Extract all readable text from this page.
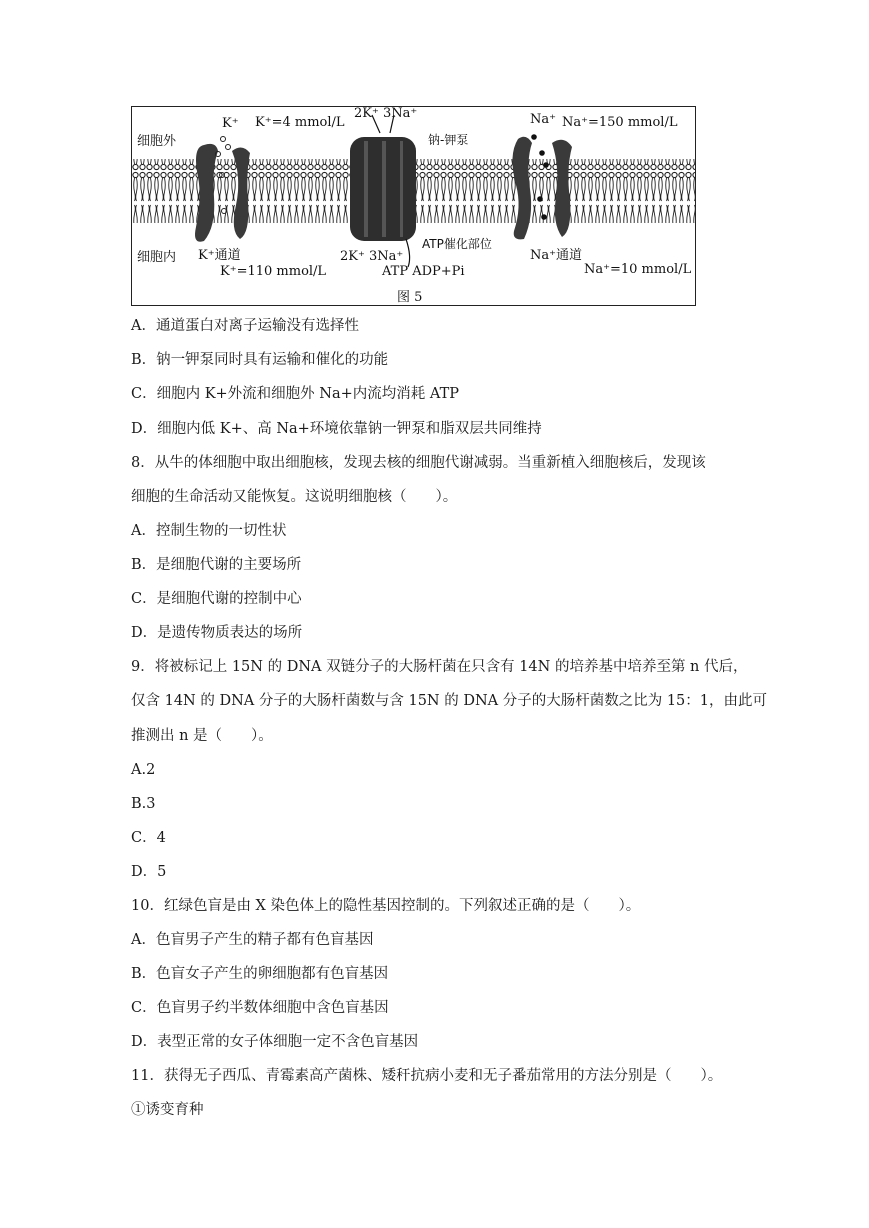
细胞外
细胞内
K⁺ K⁺=4 mmol/L
2K⁺ 3Na⁺
钠-钾泵
Na⁺ Na⁺=150 mmol/L
K⁺通道
K⁺=110 mmol/L
2K⁺ 3Na⁺
ATP催化部位
ATP ADP+Pi
Na⁺通道
Na⁺=10 mmol/L
图 5
A．通道蛋白对离子运输没有选择性
B．钠一钾泵同时具有运输和催化的功能
C．细胞内 K+外流和细胞外 Na+内流均消耗 ATP
D．细胞内低 K+、高 Na+环境依靠钠一钾泵和脂双层共同维持
8．从牛的体细胞中取出细胞核，发现去核的细胞代谢减弱。当重新植入细胞核后，发现该
细胞的生命活动又能恢复。这说明细胞核（　　）。
A．控制生物的一切性状
B．是细胞代谢的主要场所
C．是细胞代谢的控制中心
D．是遗传物质表达的场所
9．将被标记上 15N 的 DNA 双链分子的大肠杆菌在只含有 14N 的培养基中培养至第 n 代后，
仅含 14N 的 DNA 分子的大肠杆菌数与含 15N 的 DNA 分子的大肠杆菌数之比为 15：1，由此可
推测出 n 是（　　）。
A.2
B.3
C．4
D．5
10．红绿色盲是由 X 染色体上的隐性基因控制的。下列叙述正确的是（　　）。
A．色盲男子产生的精子都有色盲基因
B．色盲女子产生的卵细胞都有色盲基因
C．色盲男子约半数体细胞中含色盲基因
D．表型正常的女子体细胞一定不含色盲基因
11．获得无子西瓜、青霉素高产菌株、矮秆抗病小麦和无子番茄常用的方法分别是（　　）。
①诱变育种
